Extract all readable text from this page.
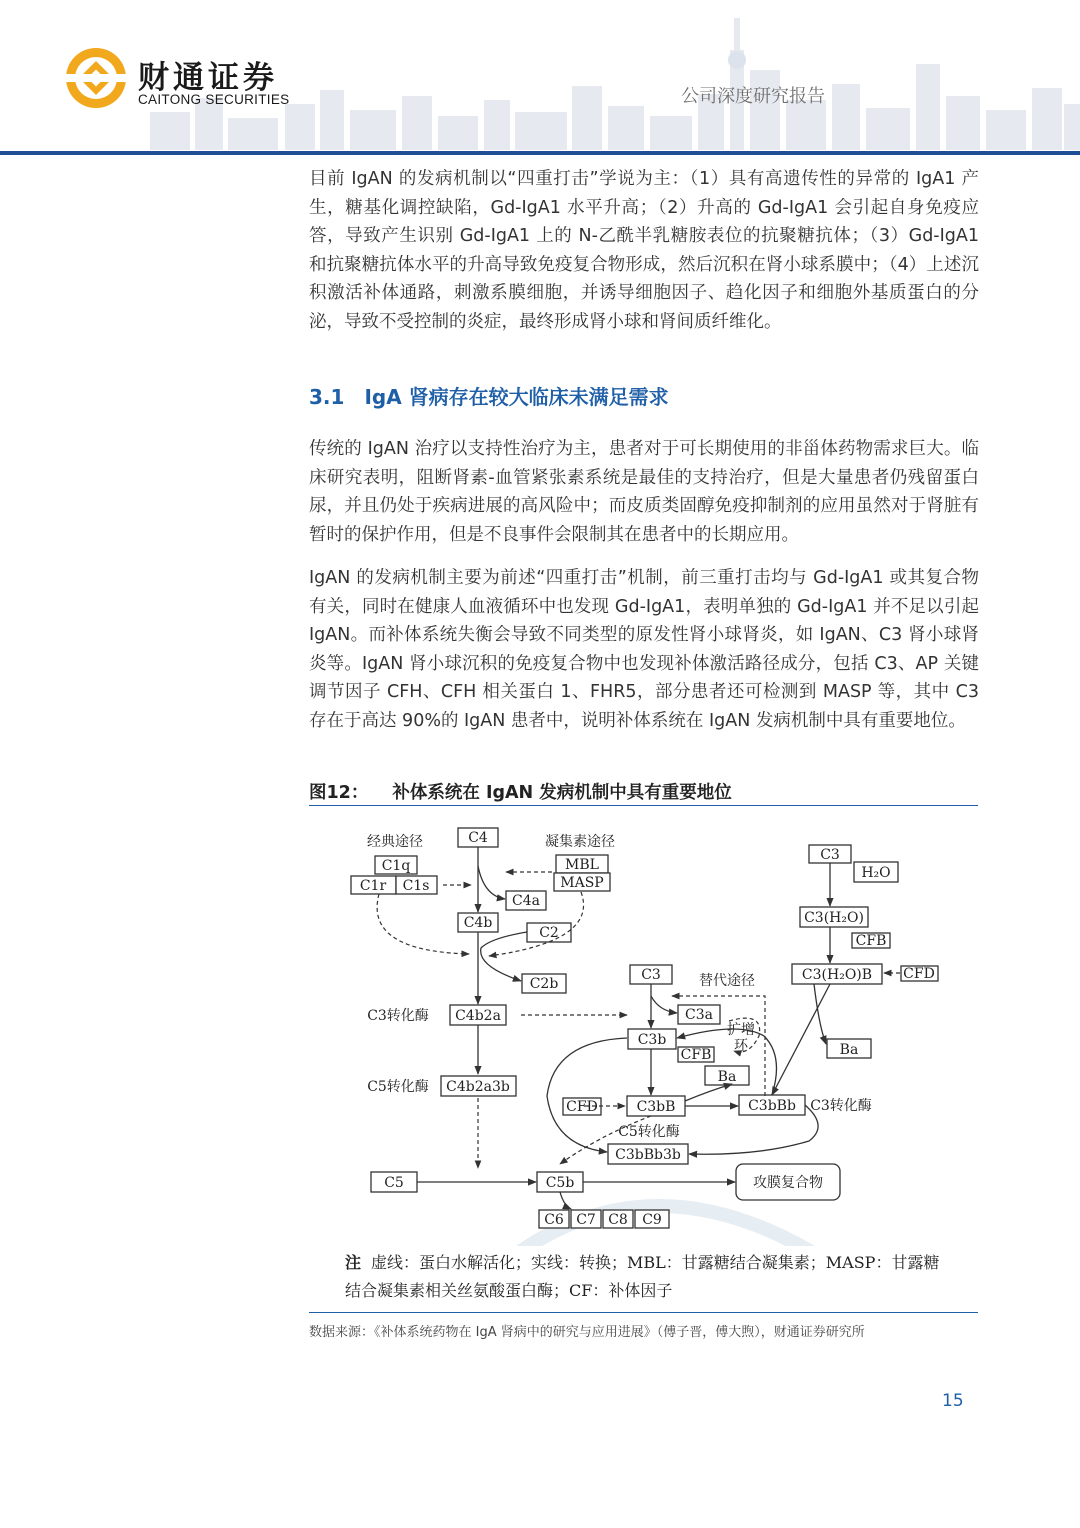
财通证券
CAITONG SECURITIES	公司深度研究报告

目前 IgAN 的发病机制以“四重打击”学说为主：（1）具有高遗传性的异常的 IgA1 产生，糖基化调控缺陷，Gd-IgA1 水平升高；（2）升高的 Gd-IgA1 会引起自身免疫应答，导致产生识别 Gd-IgA1 上的 N-乙酰半乳糖胺表位的抗聚糖抗体；（3）Gd-IgA1 和抗聚糖抗体水平的升高导致免疫复合物形成，然后沉积在肾小球系膜中；（4）上述沉积激活补体通路，刺激系膜细胞，并诱导细胞因子、趋化因子和细胞外基质蛋白的分泌，导致不受控制的炎症，最终形成肾小球和肾间质纤维化。

3.1 IgA 肾病存在较大临床未满足需求

传统的 IgAN 治疗以支持性治疗为主，患者对于可长期使用的非甾体药物需求巨大。临床研究表明，阻断肾素-血管紧张素系统是最佳的支持治疗，但是大量患者仍残留蛋白尿，并且仍处于疾病进展的高风险中；而皮质类固醇免疫抑制剂的应用虽然对于肾脏有暂时的保护作用，但是不良事件会限制其在患者中的长期应用。

IgAN 的发病机制主要为前述“四重打击”机制，前三重打击均与 Gd-IgA1 或其复合物有关，同时在健康人血液循环中也发现 Gd-IgA1，表明单独的 Gd-IgA1 并不足以引起 IgAN。而补体系统失衡会导致不同类型的原发性肾小球肾炎，如 IgAN、C3 肾小球肾炎等。IgAN 肾小球沉积的免疫复合物中也发现补体激活路径成分，包括 C3、AP 关键调节因子 CFH、CFH 相关蛋白 1、FHR5，部分患者还可检测到 MASP 等，其中 C3 存在于高达 90%的 IgAN 患者中，说明补体系统在 IgAN 发病机制中具有重要地位。

图12： 补体系统在 IgAN 发病机制中具有重要地位
经典途径	凝集素途径
替代途径
C4
C1q
C1r C1s
MBL
MASP
C4a
C4b
C2
C2b
C3转化酶 C4b2a
C5转化酶 C4b2a3b
C3
C3a
扩增
环
C3b
CFB
Ba
CFD	C3bB	C3bBb C3转化酶
C5转化酶
C3bBb3b
C3
H₂O
C3(H₂O)
CFB
C3(H₂O)B CFD
Ba
C5	C5b	攻膜复合物
C6 C7 C8 C9
注 虚线：蛋白水解活化；实线：转换；MBL：甘露糖结合凝集素；MASP：甘露糖结合凝集素相关丝氨酸蛋白酶；CF：补体因子
数据来源：《补体系统药物在 IgA 肾病中的研究与应用进展》（傅子晋，傅大煦），财通证券研究所
15
